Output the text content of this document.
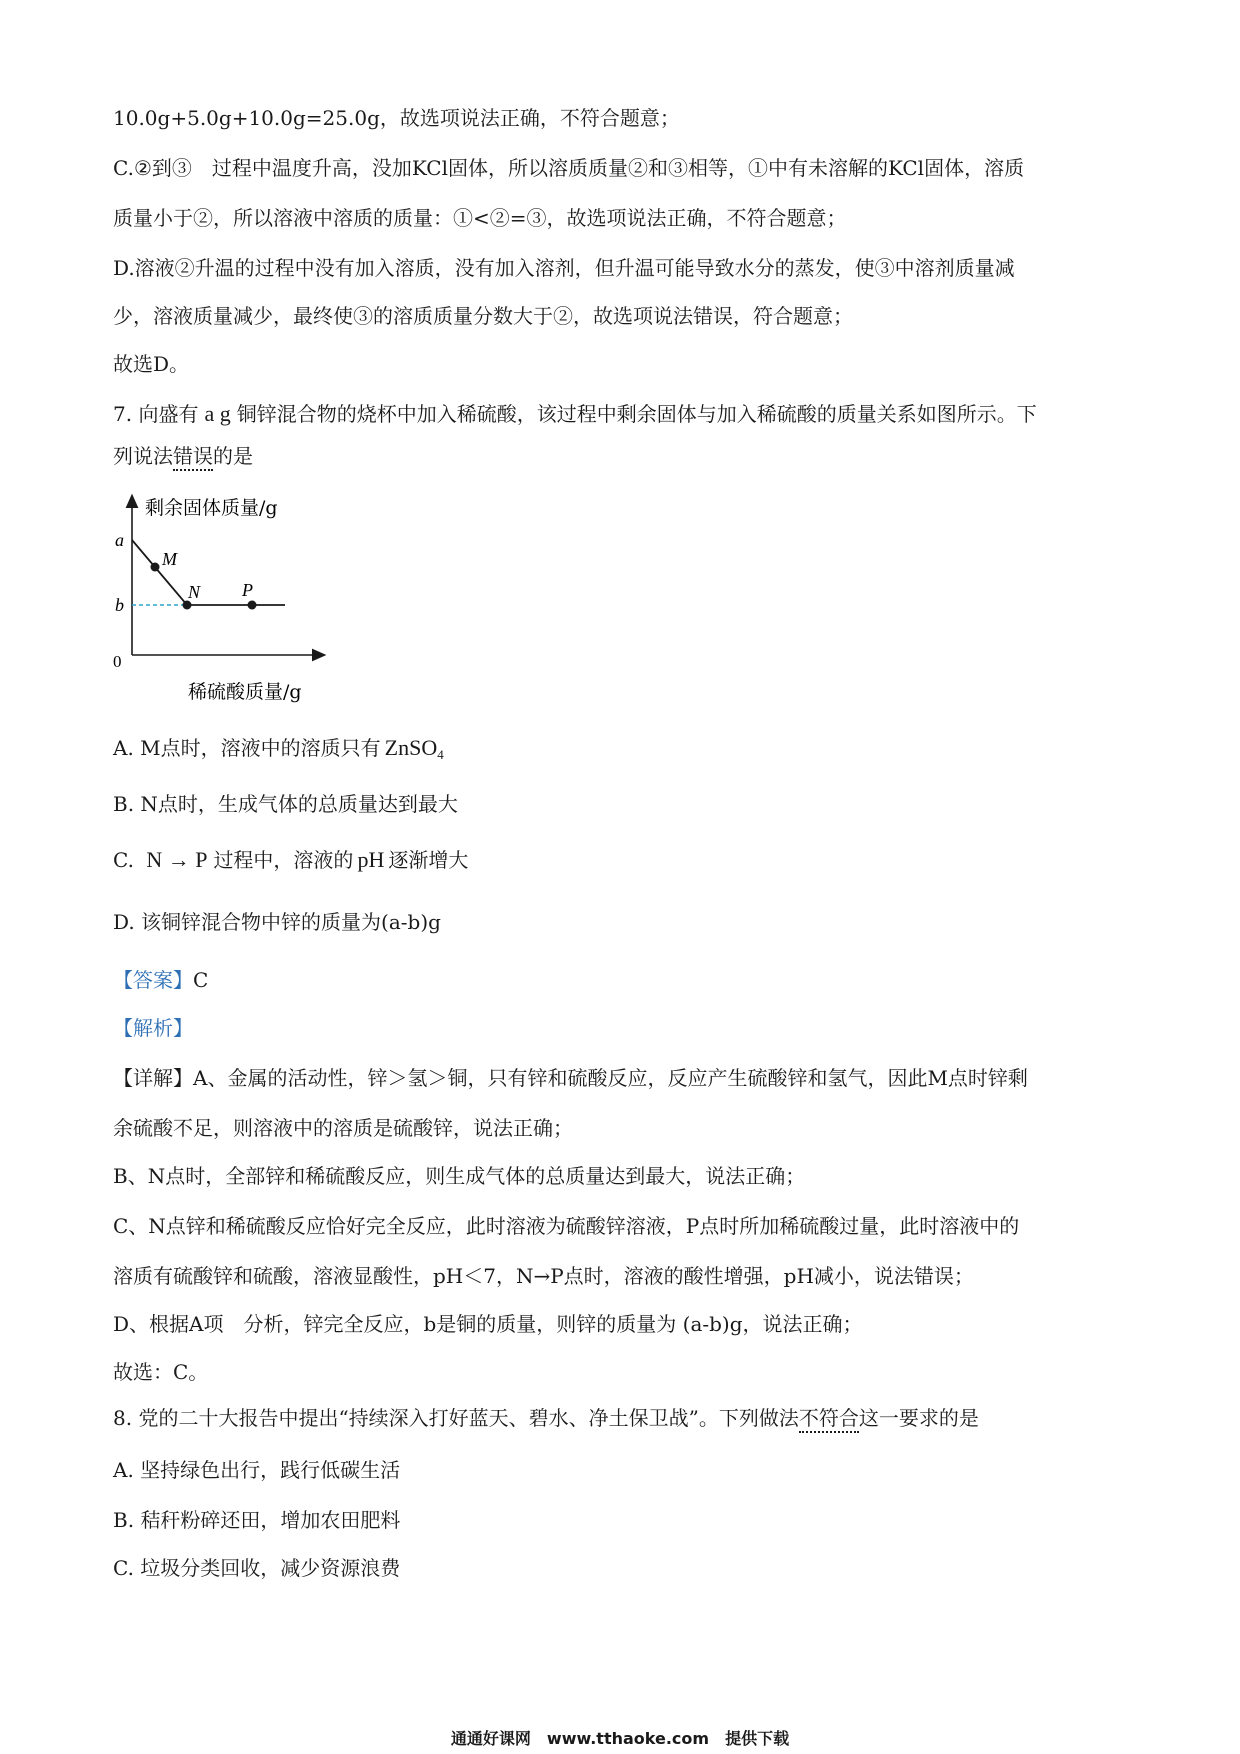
10.0g+5.0g+10.0g=25.0g，故选项说法正确，不符合题意；
C.②到③　过程中温度升高，没加KCl固体，所以溶质质量②和③相等，①中有未溶解的KCl固体，溶质
质量小于②，所以溶液中溶质的质量：①<②=③，故选项说法正确，不符合题意；
D.溶液②升温的过程中没有加入溶质，没有加入溶剂，但升温可能导致水分的蒸发，使③中溶剂质量减
少，溶液质量减少，最终使③的溶质质量分数大于②，故选项说法错误，符合题意；
故选D。
7. 向盛有 a g 铜锌混合物的烧杯中加入稀硫酸，该过程中剩余固体与加入稀硫酸的质量关系如图所示。下
列说法错误的是
剩余固体质量/g
a
b
0
M
N P
稀硫酸质量/g
A. M点时，溶液中的溶质只有 ZnSO$_4$
B. N点时，生成气体的总质量达到最大
C. N → P 过程中，溶液的 pH 逐渐增大
D. 该铜锌混合物中锌的质量为(a-b)g
【答案】C
【解析】
【详解】A、金属的活动性，锌＞氢＞铜，只有锌和硫酸反应，反应产生硫酸锌和氢气，因此M点时锌剩
余硫酸不足，则溶液中的溶质是硫酸锌，说法正确；
B、N点时，全部锌和稀硫酸反应，则生成气体的总质量达到最大，说法正确；
C、N点锌和稀硫酸反应恰好完全反应，此时溶液为硫酸锌溶液，P点时所加稀硫酸过量，此时溶液中的
溶质有硫酸锌和硫酸，溶液显酸性，pH＜7，N→P点时，溶液的酸性增强，pH减小，说法错误；
D、根据A项　分析，锌完全反应，b是铜的质量，则锌的质量为 (a-b)g，说法正确；
故选：C。
8. 党的二十大报告中提出“持续深入打好蓝天、碧水、净土保卫战”。下列做法不符合这一要求的是
A. 坚持绿色出行，践行低碳生活
B. 秸秆粉碎还田，增加农田肥料
C. 垃圾分类回收，减少资源浪费
通通好课网　www.tthaoke.com　提供下载
